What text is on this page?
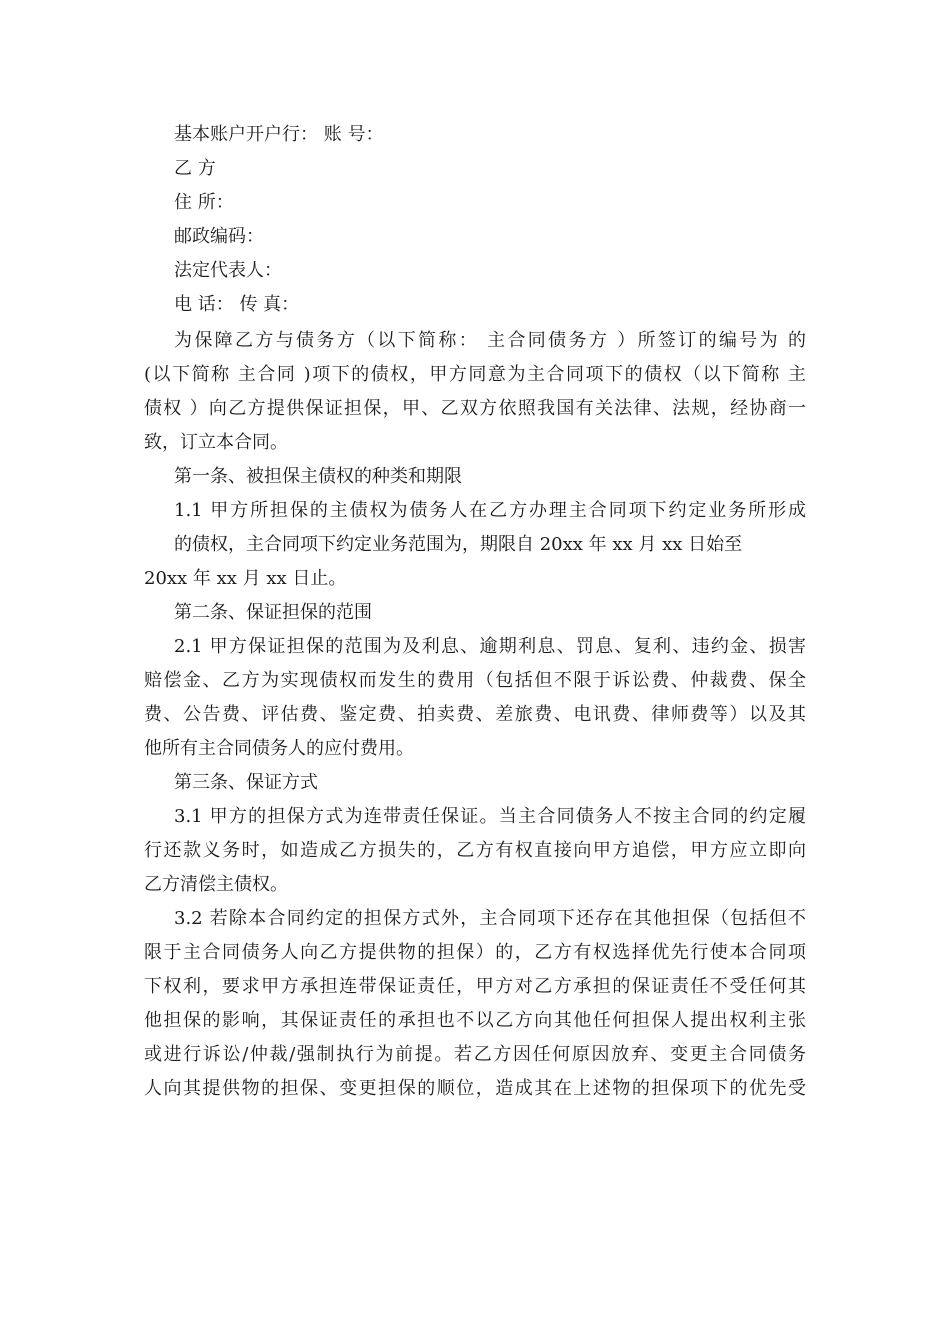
基本账户开户行： 账 号：
乙 方
住 所：
邮政编码：
法定代表人：
电 话： 传 真：
为保障乙方与债务方（以下简称： 主合同债务方 ）所签订的编号为 的
(以下简称 主合同 )项下的债权，甲方同意为主合同项下的债权（以下简称 主
债权 ）向乙方提供保证担保，甲、乙双方依照我国有关法律、法规，经协商一
致，订立本合同。
第一条、被担保主债权的种类和期限
1.1 甲方所担保的主债权为债务人在乙方办理主合同项下约定业务所形成
的债权，主合同项下约定业务范围为，期限自 20xx 年 xx 月 xx 日始至
20xx 年 xx 月 xx 日止。
第二条、保证担保的范围
2.1 甲方保证担保的范围为及利息、逾期利息、罚息、复利、违约金、损害
赔偿金、乙方为实现债权而发生的费用（包括但不限于诉讼费、仲裁费、保全
费、公告费、评估费、鉴定费、拍卖费、差旅费、电讯费、律师费等）以及其
他所有主合同债务人的应付费用。
第三条、保证方式
3.1 甲方的担保方式为连带责任保证。当主合同债务人不按主合同的约定履
行还款义务时，如造成乙方损失的，乙方有权直接向甲方追偿，甲方应立即向
乙方清偿主债权。
3.2 若除本合同约定的担保方式外，主合同项下还存在其他担保（包括但不
限于主合同债务人向乙方提供物的担保）的，乙方有权选择优先行使本合同项
下权利，要求甲方承担连带保证责任，甲方对乙方承担的保证责任不受任何其
他担保的影响，其保证责任的承担也不以乙方向其他任何担保人提出权利主张
或进行诉讼/仲裁/强制执行为前提。若乙方因任何原因放弃、变更主合同债务
人向其提供物的担保、变更担保的顺位，造成其在上述物的担保项下的优先受
